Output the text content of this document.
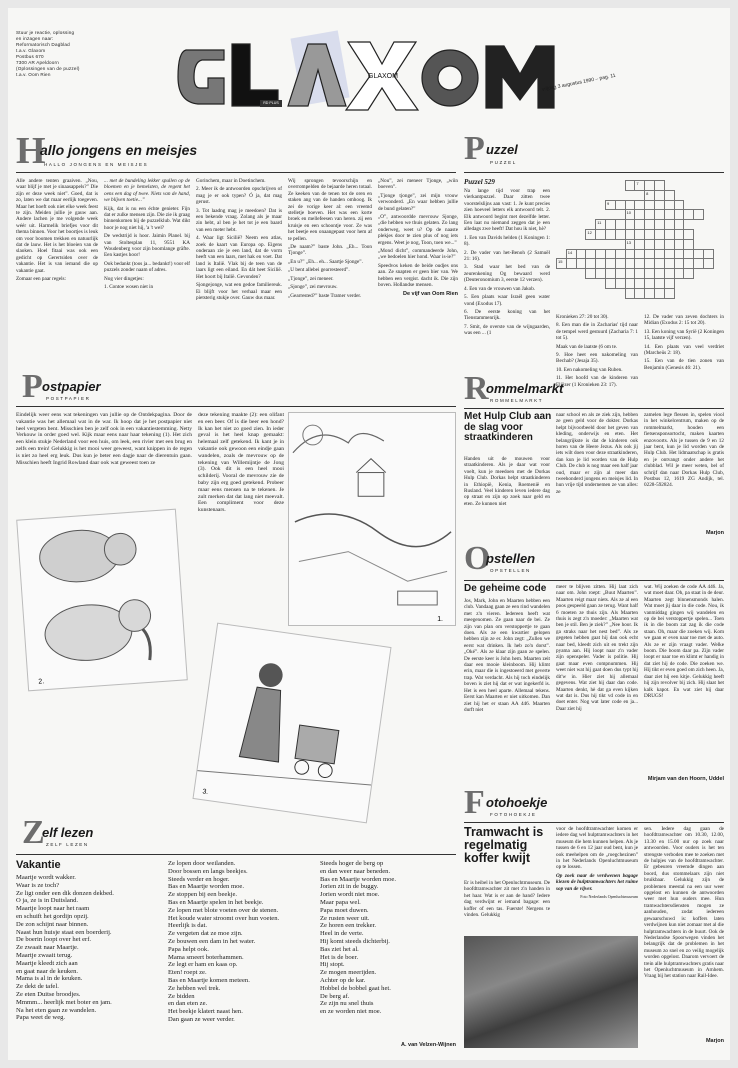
Stuur je reactie, oplossing
en inzagen naar:
Reformatorisch Dagblad
t.a.v. Glaxom
Postbus 670
7300 AR Apeldoorn
(Oplossingen van de puzzel)
t.a.v. Oom Rien	GLAXOM
RD PLUS
vrijdag 3 augustus 1990 – pag. 11
H
allo jongens en meisjes
HALLO JONGENS EN MEISJES

Alle andere tenten graaiven. „Nou, waar blijf je met je sinaasappels?” Die zijn er deze week niet”. Goed, dat is zo, laten we dat maar eerlijk toegeven. Maar het hoeft ook niet elke week feest te zijn. Meiden jullie je gauw aan. Andere lachen je me volgende week wéér uit. Harmelik briefjes voor dit thema binnen. Voor het boortjes is leuk om voor boomen trekken en natuurlijk dat de lauw. Het is het bloeien van de slaoken. Hoel fitaai was ook een gedicht op Gerertsiden over de vakantie. Het is van iemand die op vakantie gaat.

Zomaar een paar regels:

... met de bundeling lekker spullen op de bloemen en je hemelsten, de regent het oens een dag of twee. Niets van de hand, we blijven toetie...”

Kijk, dat is nu een échte genieter. Fijn dat er zulke mensen zijn. Die zie ik graag binnenkomen bij de puzzelklub. Wat dikt hoor je nog niet hij, 'a 't wel?

De wedstrijd is hoor. Jaimin Planel. bij van Stoltesplan 11, 9551 KA Woudenberg voor zijn boomlange gräfte. Een kastjes hoor!

Ook bedankt (toos ja... bedankt!) voor elf puzzels zonder naam of adres.

Nog vier dingetjes:

1. Contoe wosen niet in

Gorinchem, maar in Doetinchem.

2. Meer ik de antwoorden opschrijven of mag je er ook typen? Ó ja, dat mag gerust.

3. Tot laadng mag je meedoen? Dat is een bekende vraag. Zolang als je maar zin hebt, al ben je het tot je een baard van een meter hebt.

4. Waar ligt Sicilië? Neem een atlas, zoek de kaart van Europa op. Eigens onderaan zie je een land, dat de vorm heeft van een laars, met hak en voet. Dat land is Italië. Vlak bij de teen van de laars ligt een eiland. En dát heet Sicilië. Het hoort bij Italië. Gevonden?

Sjongejonge, wat een gedoe familiereuk. Ei blijft voor het verhaal maar een pietsterig stukje over. Gauw dus maar.

Wij sprongen tevoorschijn en overrompelden de bejaarde heren totaal. Ze keeken van de tenen tot de oren en staken ang van de handen omhoog. Ik zei de vorige keer al: een vreemd stelletje boeven. Het was een korte broek en mellefeesen van heren. zij een kruisje en een schoontje voor. Ze was het beetje een onaangepast voor hem af te pellen.

„De naam?” baste John. „Eh... Toon Tjonge”.

„En u?” „Eh... eh... Saartje Sjonge”.

„U bent allebei gearresteerd”.

„Tjonge”, zei meneer.

„Sjonge”, zei mevrouw.

„Gearrested?” baste Tramer verder.

„Nou”, zei meneer Tjonge, „wiin boeven”.

„Tjonge tjonge”, zei mijn vrouw verwonderd. „En waar hebben jullie de bund gelaten?”

„O”, antwoordde mevrouw Sjonge, „die hebben we thuis gelaten. Zo lang onderweg, weet u? Op de naaste plekjes door te zien plus of nog iets ergens. Weet je nog, Toon, toen we...”

„Mond dicht”, commandeerde John, „we bedoelen hier hond. Waar is-ie?”

Speedvos keken de beide oudjes ons aan. Ze snapten er geen bier van. We hebben een vergist. dacht ik. Die zijn boven. Hollandse mensen.

De vijf van Oom Rien

P uzzel
PUZZEL

Puzzel 529

Na lange tijd voor trap een vierkantpuzzel. Daar zitten twee voorstelslijns aan vast: 1. Je kunt precies zien hoeveel letters elk antwoord telt. 2. Elk antwoord begint met dezelfde letter. Een laat nu niemand zeggen dat je een alledags zwe heeft! Dat hou ik niet, hè?

1. Een van Davids helden (1 Koningen 1: 8).

2. De vader van het-Benoh (2 Samuël 21: 16).

3. Stad waar het bed van de zeurenkening Og bewaard werd (Deuteronomium 3, eerste 12 verzen).

4. Een van de vrouwen van Jakob.

5. Een plaats waar Israël geen water vond (Exodus 17).

6. De eerste koning van het Tienstammenrijk.

7. Smit, de overste van de wijngaarden, was een ... (1

								7								
									8							
					9											
							10									
				11												
			12													
							13									
	14															
15																

Kronieken 27: 20 tot 30).

8. Een man die in Zacharias' tijd naar de tempel werd gestuurd (Zacharia 7: 1 tot 5).

Maak van de laatste (6 om te.

9. Hoe heet een nakomeling van Bechab? (Jesaja 35).

10. Een nakomeling van Ruben.

11. Het hoofd van de kinderen van Eliëzer (1 Kronieken 23: 17).

12. De vader van zeven dochters in Midian (Exodus 2: 15 tot 20).

13. Een koning van Syrië (2 Koningen 15, laatste vijf verzen).

14. Een plaats van veel verdriet (Marcheüs 2: 18).

15. Een van de tien zonen van Benjamin (Genesis 46: 21).

P ostpapier
POSTPAPIER
Eindelijk weer eens wat tekeningen van jullie op de Ontdekpagina. Door de vakantie was het allemaal wat in de war. Ik hoop dat je het postpapier niet heel vergeten bent. Misschien ben je zelf ook in een vakantiestemming. Netty Verkouw in order goed wel. Kijk maar eens naar haar tekening (1). Het zich een klein stukje Nederland voor een huis, om leek, een rivier met een brug en zelfs een trein! Gelukkig is het mooi weer geweest, want knippen in de regen is niet zo heel erg leuk. Dus kun je beter een dagje naar de dierentuin gaan. Misschien heeft Ingrid Rowland daar ook wat geweest toen ze
deze tekening maakte (2): een olifant en een beer. Of is die beer een hond? Ik kan het niet zo goed zien. In ieder geval is het heel knap gemaakt: helemaal zelf getekend. Ik kant je in vakantie ook gewoon een eindje gaan wandelen, zoals de mevrouw op de tekening van Willemijntje de Jong (3). Ook dit is een heel mooi schilderij. Vooral de mevrouw zie de baby zijn erg goed getekend. Probeer maar eens mensen na te tekenen. Je zult merken dat dat lang niet meevalt. Een compliment voor deze kunstenaars.
1.
2.
3.
R
ommelmarkt
ROMMELMARKT
Met Hulp Club aan de slag voor straatkinderen
Handen uit de mouwen voor straatkinderen. Als je daar wat voor voelt, kun je meedoen met de Dorkas Hulp Club. Dorkas helpt straatkinderen in Ethiopië, Kenia, Roemenië en Rusland. Veel kinderen leven iedere dag op straat en zijn op zoek naar geld en eten. Ze kunnen niet
naar school en als ze ziek zijn, hebben ze geen geld voor de dokter. Dorkas helpt bijvoorbeeld door het geven van kleding, onderwijs en eten. Het belangrijkste is dat de kinderen ook horen van de Heere Jezus. Als ook jij iets wilt doen voor deze straatkinderen, dan kun je lid worden van de Hulp Club. De club is nog maar een half jaar oud, maar er zijn al meer dan tweehonderd jongens en meisjes lid. In hun vrije tijd ondernemen ze van alles: ze
zamelen lege flessen in, spelen viool in het winkelcentrum, maken op de rommelmarkt, houden een fietsensponsortocht, maken kaarten enzovoorts. Als je tussen de 9 en 12 jaar bent, kun je lid worden van de Hulp Club. Het lidmaatschap is gratis en je ontvangt onder andere het clubblad. Wil je meer weten, bel of schrijf dan naar Dorkas Hulp Club, Postbus 12, 1619 ZG Andijk, tel. 0228-592824.
Marjon
O
pstellen
OPSTELLEN
De geheime code
Jos, Mark, John en Maarten hebben een club. Vandaag gaan ze een rind wandelen met z'n vieren. Iedereen heeft wat meegenomen. Ze gaan naar de bei. Ze zijn van plan om verstoppertje te gaan doen. Als ze een kwartier gelopen hebben zijn ze er. John zegt: „Zullen we eerst wat drinken. Ik heb zo'n dorst”. „Oké”. Als ze klaar zijn gaan ze spelen. De eerste keer is John hem. Maarten zeit daar een mooie kleinboom. Hij klimt erin, maar die is ingestoeerd met geverte trap. Wat verdacht. Als hij toch eindelijk boven is ziet hij dat er wat ingekerfd is. Het is een heel aparte. Allemaal tekens. Eerst kan Maarten er niet uitkomen. Dan ziet hij het er staan AA 446. Maarten durft niet
meer te blijven zitten. Hij laat zich naar om. John roept: „Buut Maarten”. Maarten reigt maar niets. Als ze al een poos gespeeld gaan ze terug. Want half 6 moeten ze thuis zijn. Als Maarten thuis is zegt z'n moeder: „Maarten wat ben je stil. Ben je ziek?” „Nee hoor. Ik ga straks naar het nest bed”. Als ze gegeten hebben gaat hij dan ook echt naar bed, kleedt zich uit en trekt zijn pyama aan. Hij loopt naar z'n vader zijn openspeler. Vader is politie. Hij gaat maar even compnummen. Hij weet niet wat hij gaat doen dus typt hij dit'w in. Hier ziet hij allemaal gegevens. Wat ziet hij daar dan code. Maarten denkt, hè dat ga even kijken wat dat is. Dus hij tikt vd code in en doet enter. Nog wat later code en ja... Daar ziet hij
wat. Wij zoeken de code AA 446. Ja, wat moet daar. Oh, pa staat in de deur. Maarten zegt binnensmonds halen. Wat moet jij daar in die code. Nou, ik vanmiddag gingen wij wandelen en op de bei verstoppertje spelen... Toen ik in die boom zat zag ik die code staan. Oh, maar die zoeken wij. Kom we gaan er even naar toe met de auto. Als ze er zijn vraagt vader. Welke boom. Die boom daar pa. Zijn vader loopt er naar toe en klimt er handig in dat ziet hij de code. Die zoeken we. Hij tikt er even goed om zich heen. Ja, daar ziet hij een kitje. Gelukkig heeft hij zijn revolver bij zich. Hij slaat het kalk kapot. En wat ziet hij daar DRUGS!
Mirjam van den Hoorn, Uddel
F otohoekje
FOTOHOEKJE
Tramwacht is regelmatig koffer kwijt
Er is heibel in het Openluchtmuseum. De hoofdtramwachter zit met z'n handen in het haar. Wat is er aan de hand? Iedere dag verdwijnt er iemand bagage: een koffer of een tas. Fuerste! Nergens te vinden. Gelukkig

voor de hoofdtramwachter komen er iedere dag wel hulptramwachters in het museum die hem kunnen helpen. Als je tussen de 6 en 12 jaar oud bent, kun je ook meehelpen om de „roegchezinen” in het Nederlands Openluchtmuseum op te lossen.

Op zoek naar de verdwenen bagage kiezen de hulptramwachters het ruime sop van de vijver.

Foto Nederlands Openluchtmuseum

sen. Iedere dag gaan de hoofdtramwachter om 10.30, 12.00, 13.30 en 15.00 uur op zoek naar antwoorden. Voor ouders is het ten strengste verboden mee te zoeken met de hulpjes van de hoofdtramwachter. Er gebeuren vreemde dingen aan boord, dus stommelaars zijn niet bruikbaar. Gelukkig zijn de problemen meestal na een uur weer opgelost en kunnen de antwoorden weer met hun ouders mee. Hun tramwachtersdiensten mogen ze aanhouden, zodat iedereen gewaarschuwd is: koffers laten verdwijnen kun niet zomaar met al die hulptramwachters in de buurt. Ook de Nederlandse Spoorwegen vinden het belangrijk dat de problemen in het museum zo snel en zo veilig mogelijk worden opgelost. Daarom vervoert de trein alle hulptramwachters gratis naar het Openluchtmuseum in Arnhem. Vraag bij het station naar Rail-Idee.
Marjon
Z
elf lezen
ZELF LEZEN
Vakantie
Maartje wordt wakker.
Waar is ze toch?
Ze ligt onder een dik donzen dekbed.
O ja, ze is in Duitsland.
Maartje loopt naar het raam
en schuift het gordijn opzij.
De zon schijnt naar binnen.
Naast hun huisje staat een boerderij.
De boerin loopt over het erf.
Ze zwaait naar Maartje.
Maartje zwaait terug.
Maartje kleedt zich aan
en gaat naar de keuken.
Mama is al in de keuken.
Ze dekt de tafel.
Ze eten Duitse broodjes.
Mmmm... heerlijk met boter en jam.
Na het eten gaan ze wandelen.
Papa weet de weg.
Ze lopen door weilanden.
Door bossen en langs beekjes.
Steeds verder en hoger.
Bas en Maartje worden moe.
Ze stoppen bij een beekje.
Bas en Maartje spelen in het beekje.
Ze lopen met blote voeten over de stenen.
Het koude water stroomt over hun voeten.
Heerlijk is dat.
Ze vergeten dat ze moe zijn.
Ze bouwen een dam in het water.
Papa helpt ook.
Mama smeert boterhammen.
Ze legt er ham en kaas op.
Eten! roept ze.
Bas en Maartje komen meteen.
Ze hebben wel trek.
Ze bidden
en dan eten ze.
Het beekje klatert naast hen.
Dan gaan ze weer verder.
Steeds hoger de berg op
en dan weer naar beneden.
Bas en Maartje worden moe.
Jorien zit in de buggy.
Jorien wordt niet moe.
Maar papa wel.
Papa moet duwen.
Ze rusten weer uit.
Ze horen een trekker.
Heel in de verte.
Hij komt steeds dichterbij.
Bas ziet het al.
Het is de boer.
Hij stopt.
Ze mogen meerijden.
Achter op de kar.
Hobbel de bobbel gaat het.
De berg af.
Ze zijn nu snel thuis
en ze worden niet moe.
A. van Velzen-Wijnen
